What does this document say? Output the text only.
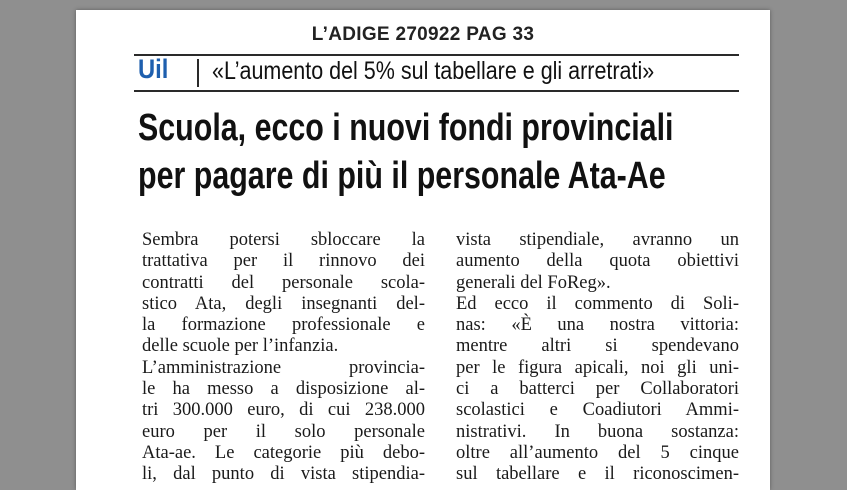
L’ADIGE 270922 PAG 33
Uil «L’aumento del 5% sul tabellare e gli arretrati»
Scuola, ecco i nuovi fondi provinciali
per pagare di più il personale Ata-Ae
Sembra potersi sbloccare la
trattativa per il rinnovo dei
contratti del personale scola-
stico Ata, degli insegnanti del-
la formazione professionale e
delle scuole per l’infanzia.
L’amministrazione provincia-
le ha messo a disposizione al-
tri 300.000 euro, di cui 238.000
euro per il solo personale
Ata-ae. Le categorie più debo-
li, dal punto di vista stipendia-
vista stipendiale, avranno un
aumento della quota obiettivi
generali del FoReg».
Ed ecco il commento di Soli-
nas: «È una nostra vittoria:
mentre altri si spendevano
per le figura apicali, noi gli uni-
ci a batterci per Collaboratori
scolastici e Coadiutori Ammi-
nistrativi. In buona sostanza:
oltre all’aumento del 5 cinque
sul tabellare e il riconoscimen-
